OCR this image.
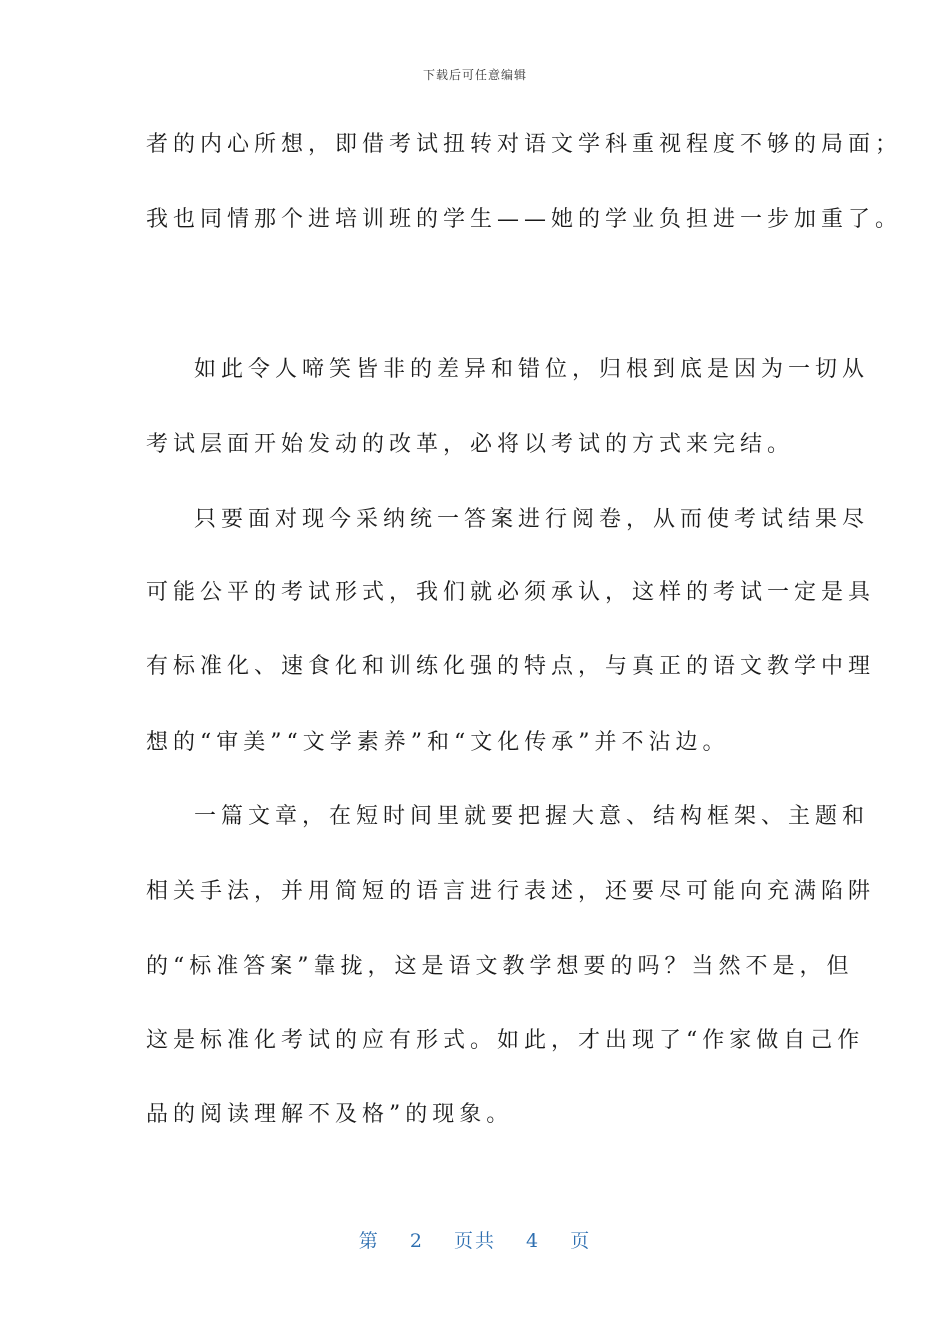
下载后可任意编辑
者的内心所想，即借考试扭转对语文学科重视程度不够的局面；
我也同情那个进培训班的学生——她的学业负担进一步加重了。
如此令人啼笑皆非的差异和错位，归根到底是因为一切从
考试层面开始发动的改革，必将以考试的方式来完结。
只要面对现今采纳统一答案进行阅卷，从而使考试结果尽
可能公平的考试形式，我们就必须承认，这样的考试一定是具
有标准化、速食化和训练化强的特点，与真正的语文教学中理
想的“审美”“文学素养”和“文化传承”并不沾边。
一篇文章，在短时间里就要把握大意、结构框架、主题和
相关手法，并用简短的语言进行表述，还要尽可能向充满陷阱
的“标准答案”靠拢，这是语文教学想要的吗？当然不是，但
这是标准化考试的应有形式。如此，才出现了“作家做自己作
品的阅读理解不及格”的现象。
第 2 页共 4 页
